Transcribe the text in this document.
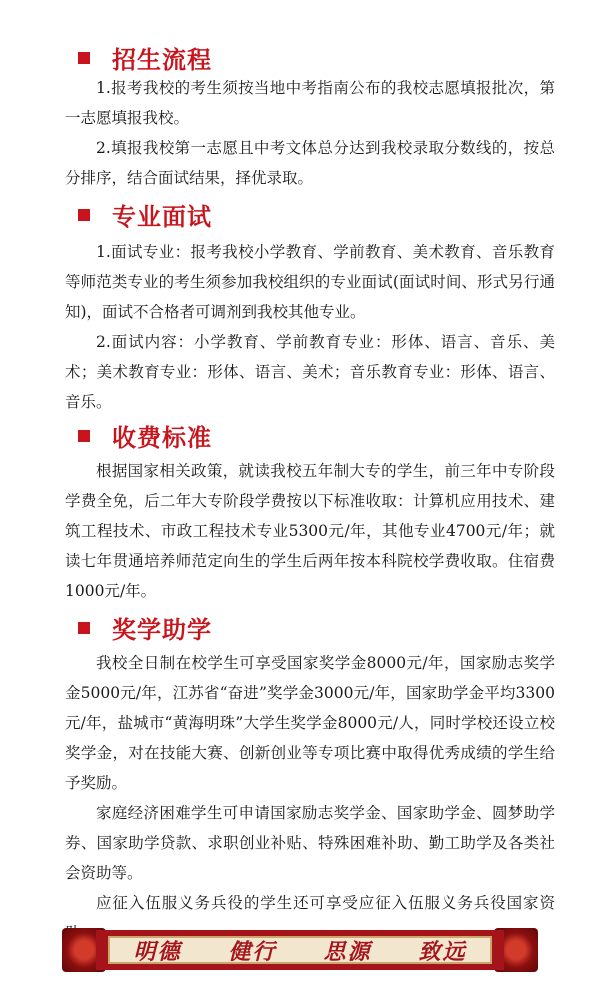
招生流程

1.报考我校的考生须按当地中考指南公布的我校志愿填报批次，第一志愿填报我校。

2.填报我校第一志愿且中考文体总分达到我校录取分数线的，按总分排序，结合面试结果，择优录取。

专业面试

1.面试专业：报考我校小学教育、学前教育、美术教育、音乐教育等师范类专业的考生须参加我校组织的专业面试(面试时间、形式另行通知)，面试不合格者可调剂到我校其他专业。

2.面试内容：小学教育、学前教育专业：形体、语言、音乐、美术；美术教育专业：形体、语言、美术；音乐教育专业：形体、语言、音乐。

收费标准

根据国家相关政策，就读我校五年制大专的学生，前三年中专阶段学费全免，后二年大专阶段学费按以下标准收取：计算机应用技术、建筑工程技术、市政工程技术专业5300元/年，其他专业4700元/年；就读七年贯通培养师范定向生的学生后两年按本科院校学费收取。住宿费1000元/年。

奖学助学

我校全日制在校学生可享受国家奖学金8000元/年，国家励志奖学金5000元/年，江苏省“奋进”奖学金3000元/年，国家助学金平均3300元/年，盐城市“黄海明珠”大学生奖学金8000元/人，同时学校还设立校奖学金，对在技能大赛、创新创业等专项比赛中取得优秀成绩的学生给予奖励。

家庭经济困难学生可申请国家励志奖学金、国家助学金、圆梦助学券、国家助学贷款、求职创业补贴、特殊困难补助、勤工助学及各类社会资助等。

应征入伍服义务兵役的学生还可享受应征入伍服义务兵役国家资

明德 健行 思源 致远
